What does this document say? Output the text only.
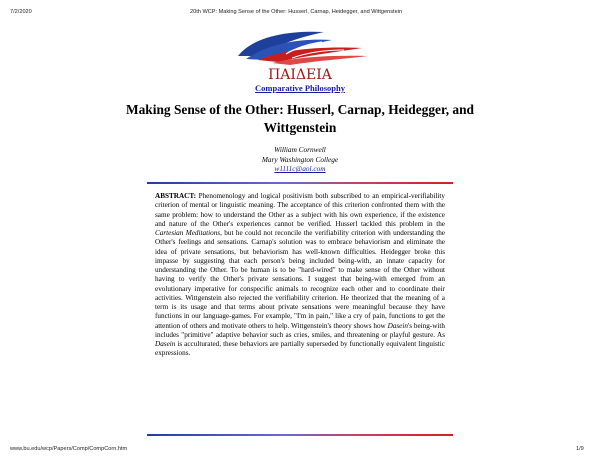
7/2/2020	20th WCP: Making Sense of the Other: Husserl, Carnap, Heidegger, and Wittgenstein
ΠΑΙΔΕΙΑ
Comparative Philosophy
Making Sense of the Other: Husserl, Carnap, Heidegger, and Wittgenstein
William Cornwell
Mary Washington College
w1111c@aol.com

ABSTRACT: Phenomenology and logical positivism both subscribed to an empirical-verifiability criterion of mental or linguistic meaning. The acceptance of this criterion confronted them with the same problem: how to understand the Other as a subject with his own experience, if the existence and nature of the Other's experiences cannot be verified. Husserl tackled this problem in the Cartesian Meditations, but he could not reconcile the verifiability criterion with understanding the Other's feelings and sensations. Carnap's solution was to embrace behaviorism and eliminate the idea of private sensations, but behaviorism has well-known difficulties. Heidegger broke this impasse by suggesting that each person's being included being-with, an innate capacity for understanding the Other. To be human is to be "hard-wired" to make sense of the Other without having to verify the Other's private sensations. I suggest that being-with emerged from an evolutionary imperative for conspecific animals to recognize each other and to coordinate their activities. Wittgenstein also rejected the verifiability criterion. He theorized that the meaning of a term is its usage and that terms about private sensations were meaningful because they have functions in our language-games. For example, "I'm in pain," like a cry of pain, functions to get the attention of others and motivate others to help. Wittgenstein's theory shows how Dasein's being-with includes "primitive" adaptive behavior such as cries, smiles, and threatening or playful gesture. As Dasein is acculturated, these behaviors are partially superseded by functionally equivalent linguistic expressions.

www.bu.edu/wcp/Papers/Comp/CompCorn.htm	1/9
